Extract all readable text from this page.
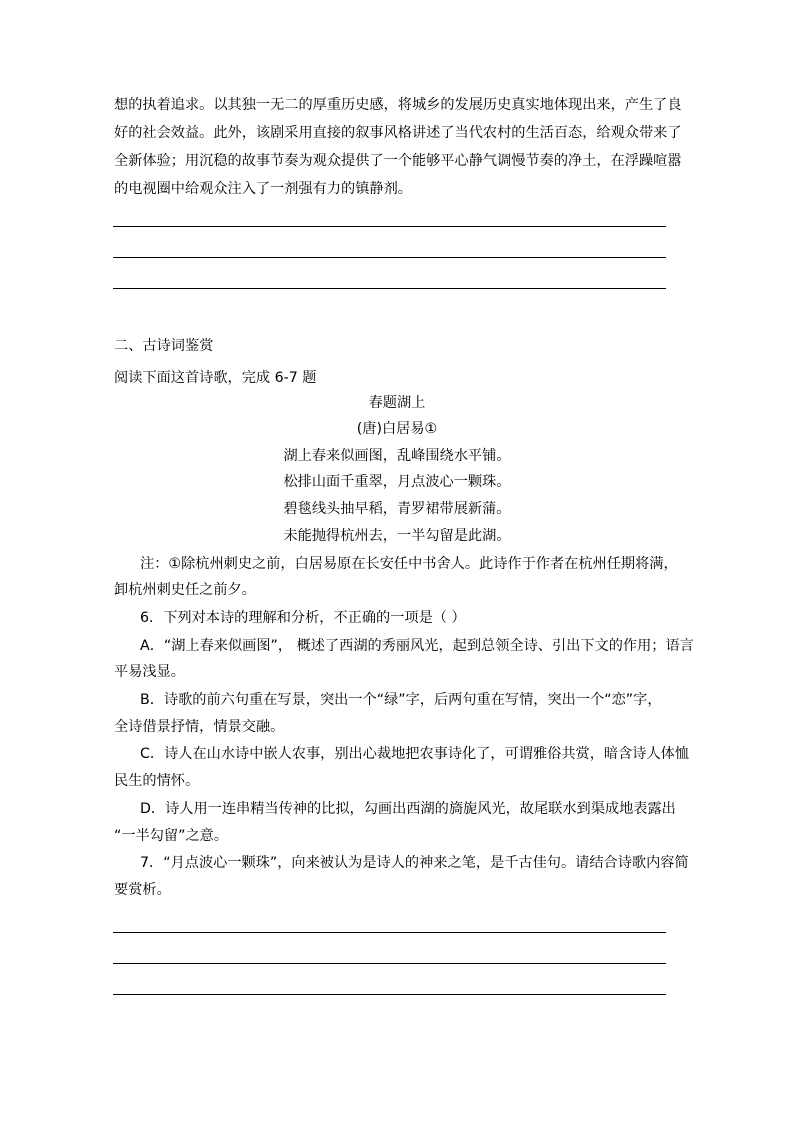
想的执着追求。以其独一无二的厚重历史感，将城乡的发展历史真实地体现出来，产生了良
好的社会效益。此外，该剧采用直接的叙事风格讲述了当代农村的生活百态，给观众带来了
全新体验；用沉稳的故事节奏为观众提供了一个能够平心静气调慢节奏的净土，在浮躁喧嚣
的电视圈中给观众注入了一剂强有力的镇静剂。
二、古诗词鉴赏
阅读下面这首诗歌，完成 6-7 题
春题湖上
(唐)白居易①
湖上春来似画图，乱峰围绕水平铺。
松排山面千重翠，月点波心一颗珠。
碧毯线头抽早稻，青罗裙带展新蒲。
未能抛得杭州去，一半勾留是此湖。
注：①除杭州刺史之前，白居易原在长安任中书舍人。此诗作于作者在杭州任期将满，
卸杭州刺史任之前夕。
6．下列对本诗的理解和分析，不正确的一项是（ ）
A．“湖上春来似画图”， 概述了西湖的秀丽风光，起到总领全诗、引出下文的作用；语言
平易浅显。
B．诗歌的前六句重在写景，突出一个“绿”字，后两句重在写情，突出一个“恋”字，
全诗借景抒情，情景交融。
C．诗人在山水诗中嵌人农事，别出心裁地把农事诗化了，可谓雅俗共赏，暗含诗人体恤
民生的情怀。
D．诗人用一连串精当传神的比拟，勾画出西湖的旖旎风光，故尾联水到渠成地表露出
“一半勾留”之意。
7．“月点波心一颗珠”，向来被认为是诗人的神来之笔，是千古佳句。请结合诗歌内容简
要赏析。
